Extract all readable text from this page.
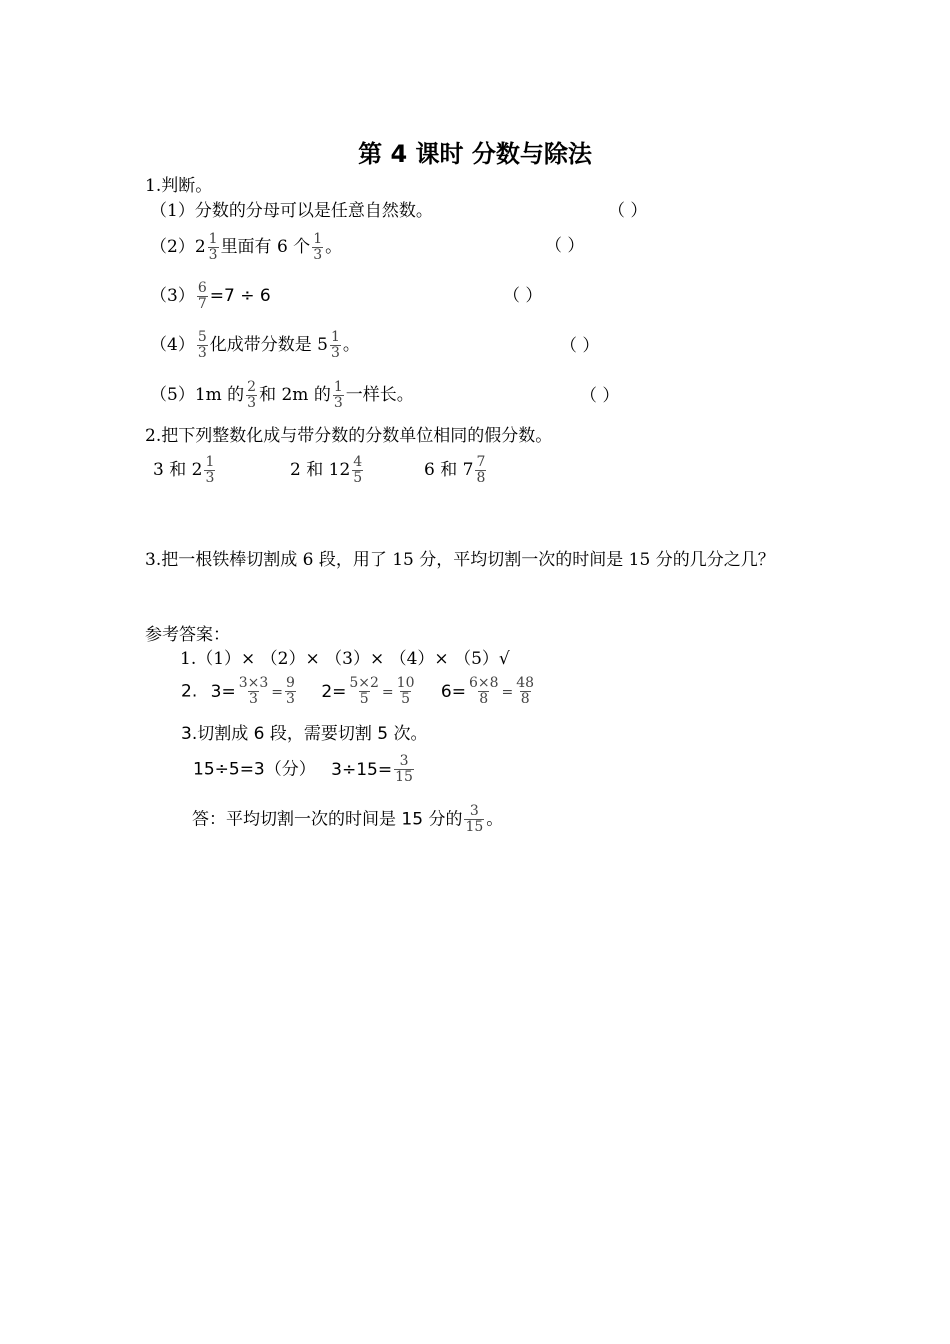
第 4 课时 分数与除法
1.判断。
（1）分数的分母可以是任意自然数。	（ ）
$(2)2 \frac{1}{3}$ 里面有 6 个 $\frac{1}{3}$ 。	（ ）
$(3) \frac{6}{7} =7 \div 6$	（ ）
$(4) \frac{5}{3}$ 化成带分数是 $5 \frac{1}{3}$ 。	（ ）
（5）1m 的 $\frac{2}{3}$ 和 2m 的 $\frac{1}{3}$ 一样长。	（ ）
2.把下列整数化成与带分数的分数单位相同的假分数。
3 和 $2 \frac{1}{3}$	2 和 $12 \frac{4}{5}$	6 和 $7 \frac{7}{8}$
3.把一根铁棒切割成 6 段，用了 15 分，平均切割一次的时间是 15 分的几分之几？
参考答案：
1.（1）× （2）× （3）× （4）× （5）√
2. $3= \frac{3\times 3}{3} = \frac{9}{3} 2= \frac{5\times 2}{5} = \frac{10}{5} 6= \frac{6\times 8}{8} = \frac{48}{8}$
3.切割成 6 段，需要切割 5 次。
15÷5=3（分） $3\div 15= \frac{3}{15}$
答：平均切割一次的时间是 15 分的 $\frac{3}{15}$ 。
